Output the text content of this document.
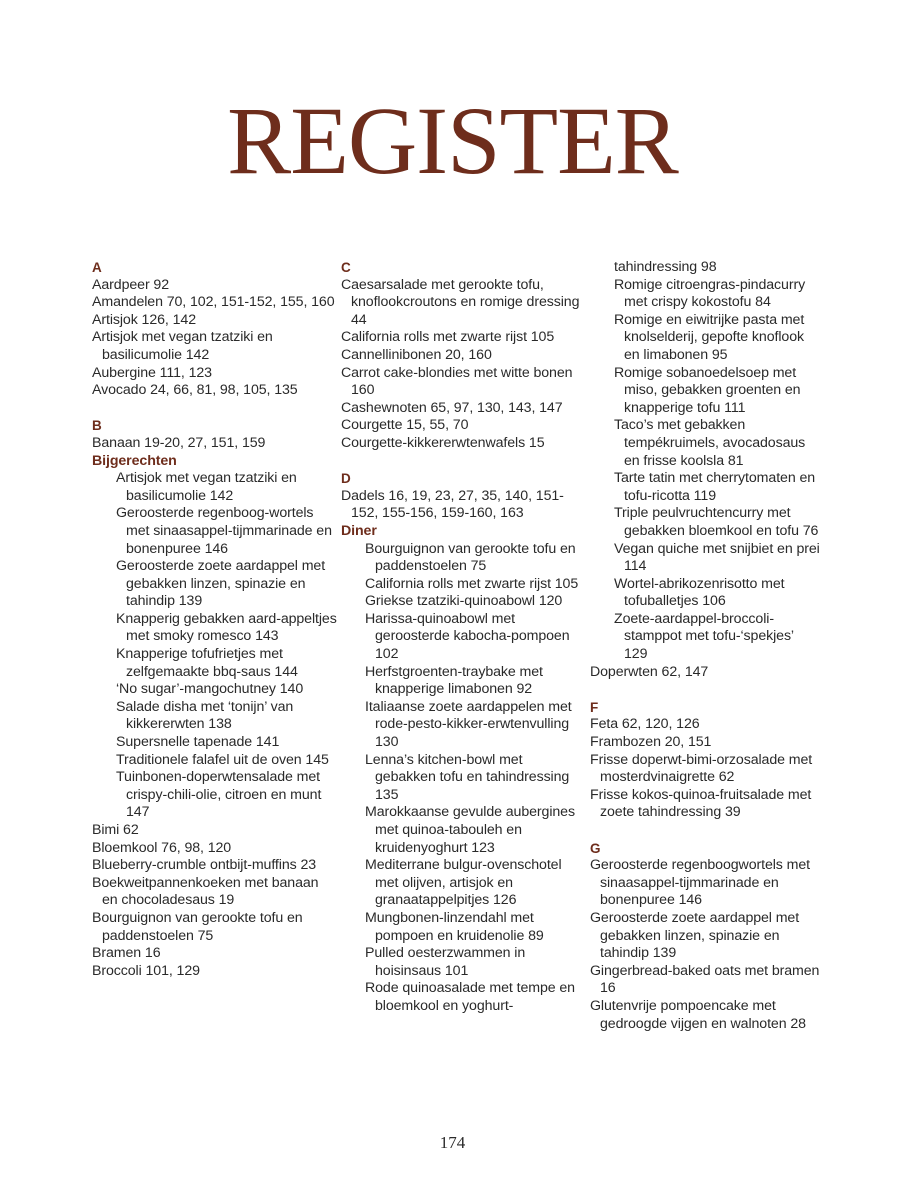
REGISTER
A
Aardpeer 92
Amandelen 70, 102, 151-152, 155, 160
Artisjok 126, 142
Artisjok met vegan tzatziki en basilicumolie 142
Aubergine 111, 123
Avocado 24, 66, 81, 98, 105, 135
B
Banaan 19-20, 27, 151, 159
Bijgerechten
Artisjok met vegan tzatziki en basilicumolie 142
Geroosterde regenboog-wortels met sinaasappel-tijmmarinade en bonenpuree 146
Geroosterde zoete aardappel met gebakken linzen, spinazie en tahindip 139
Knapperig gebakken aard-appeltjes met smoky romesco 143
Knapperige tofufrietjes met zelfgemaakte bbq-saus 144
‘No sugar’-mangochutney 140
Salade disha met ‘tonijn’ van kikkererwten 138
Supersnelle tapenade 141
Traditionele falafel uit de oven 145
Tuinbonen-doperwtensalade met crispy-chili-olie, citroen en munt 147
Bimi 62
Bloemkool 76, 98, 120
Blueberry-crumble ontbijt-muffins 23
Boekweitpannenkoeken met banaan en chocoladesaus 19
Bourguignon van gerookte tofu en paddenstoelen 75
Bramen 16
Broccoli 101, 129
C
Caesarsalade met gerookte tofu, knoflookcroutons en romige dressing 44
California rolls met zwarte rijst 105
Cannellinibonen 20, 160
Carrot cake-blondies met witte bonen 160
Cashewnoten 65, 97, 130, 143, 147
Courgette 15, 55, 70
Courgette-kikkererwtenwafels 15
D
Dadels 16, 19, 23, 27, 35, 140, 151-152, 155-156, 159-160, 163
Diner
Bourguignon van gerookte tofu en paddenstoelen 75
California rolls met zwarte rijst 105
Griekse tzatziki-quinoabowl 120
Harissa-quinoabowl met geroosterde kabocha-pompoen 102
Herfstgroenten-traybake met knapperige limabonen 92
Italiaanse zoete aardappelen met rode-pesto-kikker-erwtenvulling 130
Lenna’s kitchen-bowl met gebakken tofu en tahindressing 135
Marokkaanse gevulde aubergines met quinoa-tabouleh en kruidenyoghurt 123
Mediterrane bulgur-ovenschotel met olijven, artisjok en granaatappelpitjes 126
Mungbonen-linzendahl met pompoen en kruidenolie 89
Pulled oesterzwammen in hoisinsaus 101
Rode quinoasalade met tempe en bloemkool en yoghurt-
tahindressing 98
Romige citroengras-pindacurry met crispy kokostofu 84
Romige en eiwitrijke pasta met knolselderij, gepofte knoflook en limabonen 95
Romige sobanoedelsoep met miso, gebakken groenten en knapperige tofu 111
Taco’s met gebakken tempékruimels, avocadosaus en frisse koolsla 81
Tarte tatin met cherrytomaten en tofu-ricotta 119
Triple peulvruchtencurry met gebakken bloemkool en tofu 76
Vegan quiche met snijbiet en prei 114
Wortel-abrikozenrisotto met tofuballetjes 106
Zoete-aardappel-broccoli-stamppot met tofu-‘spekjes’ 129
Doperwten 62, 147
F
Feta 62, 120, 126
Frambozen 20, 151
Frisse doperwt-bimi-orzosalade met mosterdvinaigrette 62
Frisse kokos-quinoa-fruitsalade met zoete tahindressing 39
G
Geroosterde regenboogwortels met sinaasappel-tijmmarinade en bonenpuree 146
Geroosterde zoete aardappel met gebakken linzen, spinazie en tahindip 139
Gingerbread-baked oats met bramen 16
Glutenvrije pompoencake met gedroogde vijgen en walnoten 28
174
